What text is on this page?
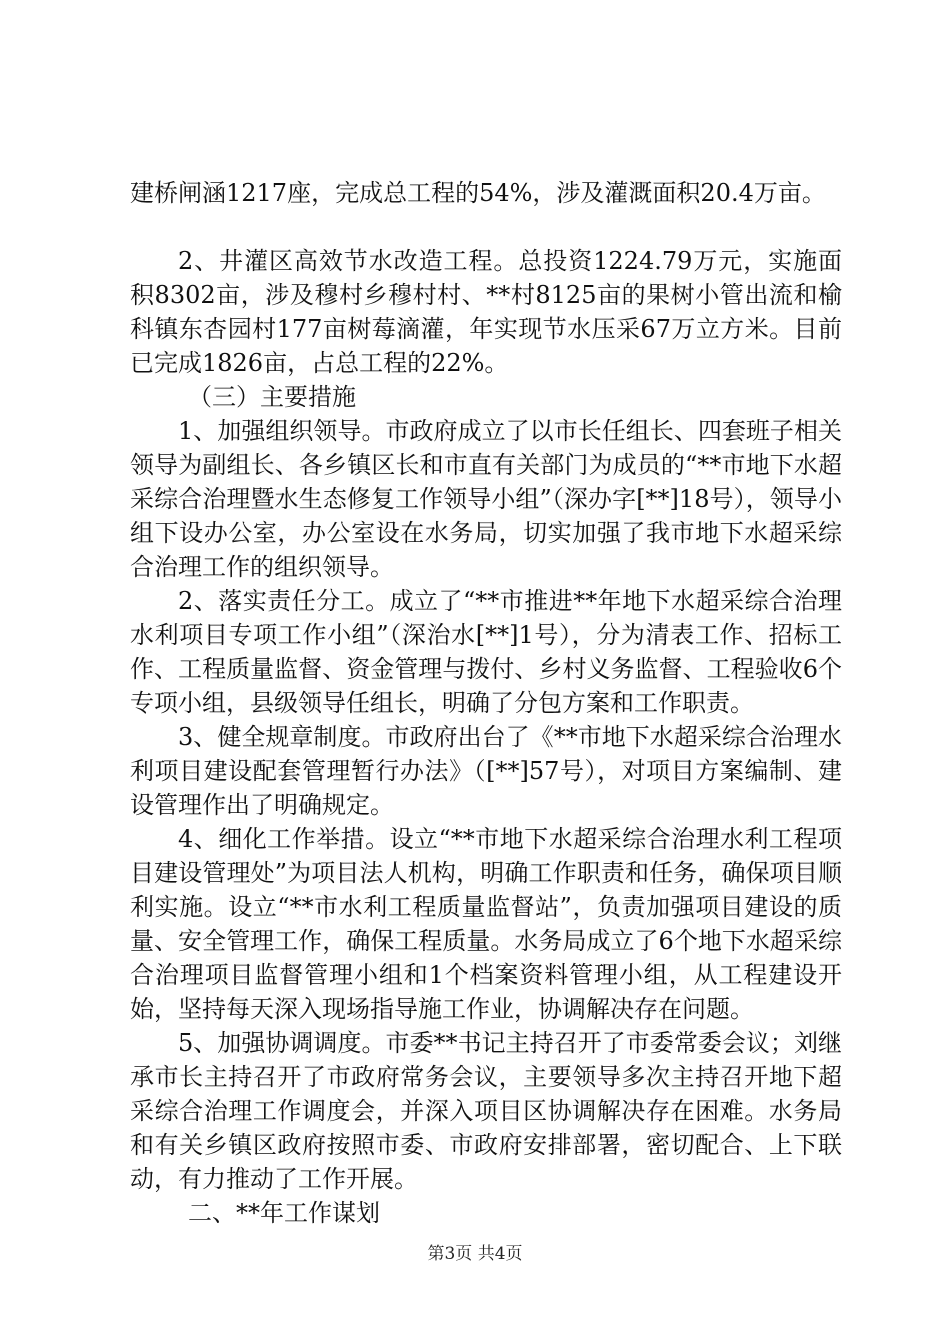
建桥闸涵1217座，完成总工程的54%，涉及灌溉面积20.4万亩。

2、井灌区高效节水改造工程。总投资1224.79万元，实施面积8302亩，涉及穆村乡穆村村、**村8125亩的果树小管出流和榆科镇东杏园村177亩树莓滴灌，年实现节水压采67万立方米。目前已完成1826亩，占总工程的22%。

（三）主要措施

1、加强组织领导。市政府成立了以市长任组长、四套班子相关领导为副组长、各乡镇区长和市直有关部门为成员的“**市地下水超采综合治理暨水生态修复工作领导小组”（深办字[**]18号），领导小组下设办公室，办公室设在水务局，切实加强了我市地下水超采综合治理工作的组织领导。

2、落实责任分工。成立了“**市推进**年地下水超采综合治理水利项目专项工作小组”（深治水[**]1号），分为清表工作、招标工作、工程质量监督、资金管理与拨付、乡村义务监督、工程验收6个专项小组，县级领导任组长，明确了分包方案和工作职责。

3、健全规章制度。市政府出台了《**市地下水超采综合治理水利项目建设配套管理暂行办法》（[**]57号），对项目方案编制、建设管理作出了明确规定。

4、细化工作举措。设立“**市地下水超采综合治理水利工程项目建设管理处”为项目法人机构，明确工作职责和任务，确保项目顺利实施。设立“**市水利工程质量监督站”，负责加强项目建设的质量、安全管理工作，确保工程质量。水务局成立了6个地下水超采综合治理项目监督管理小组和1个档案资料管理小组，从工程建设开始，坚持每天深入现场指导施工作业，协调解决存在问题。

5、加强协调调度。市委**书记主持召开了市委常委会议；刘继承市长主持召开了市政府常务会议，主要领导多次主持召开地下超采综合治理工作调度会，并深入项目区协调解决存在困难。水务局和有关乡镇区政府按照市委、市政府安排部署，密切配合、上下联动，有力推动了工作开展。

二、**年工作谋划

第3页 共4页
